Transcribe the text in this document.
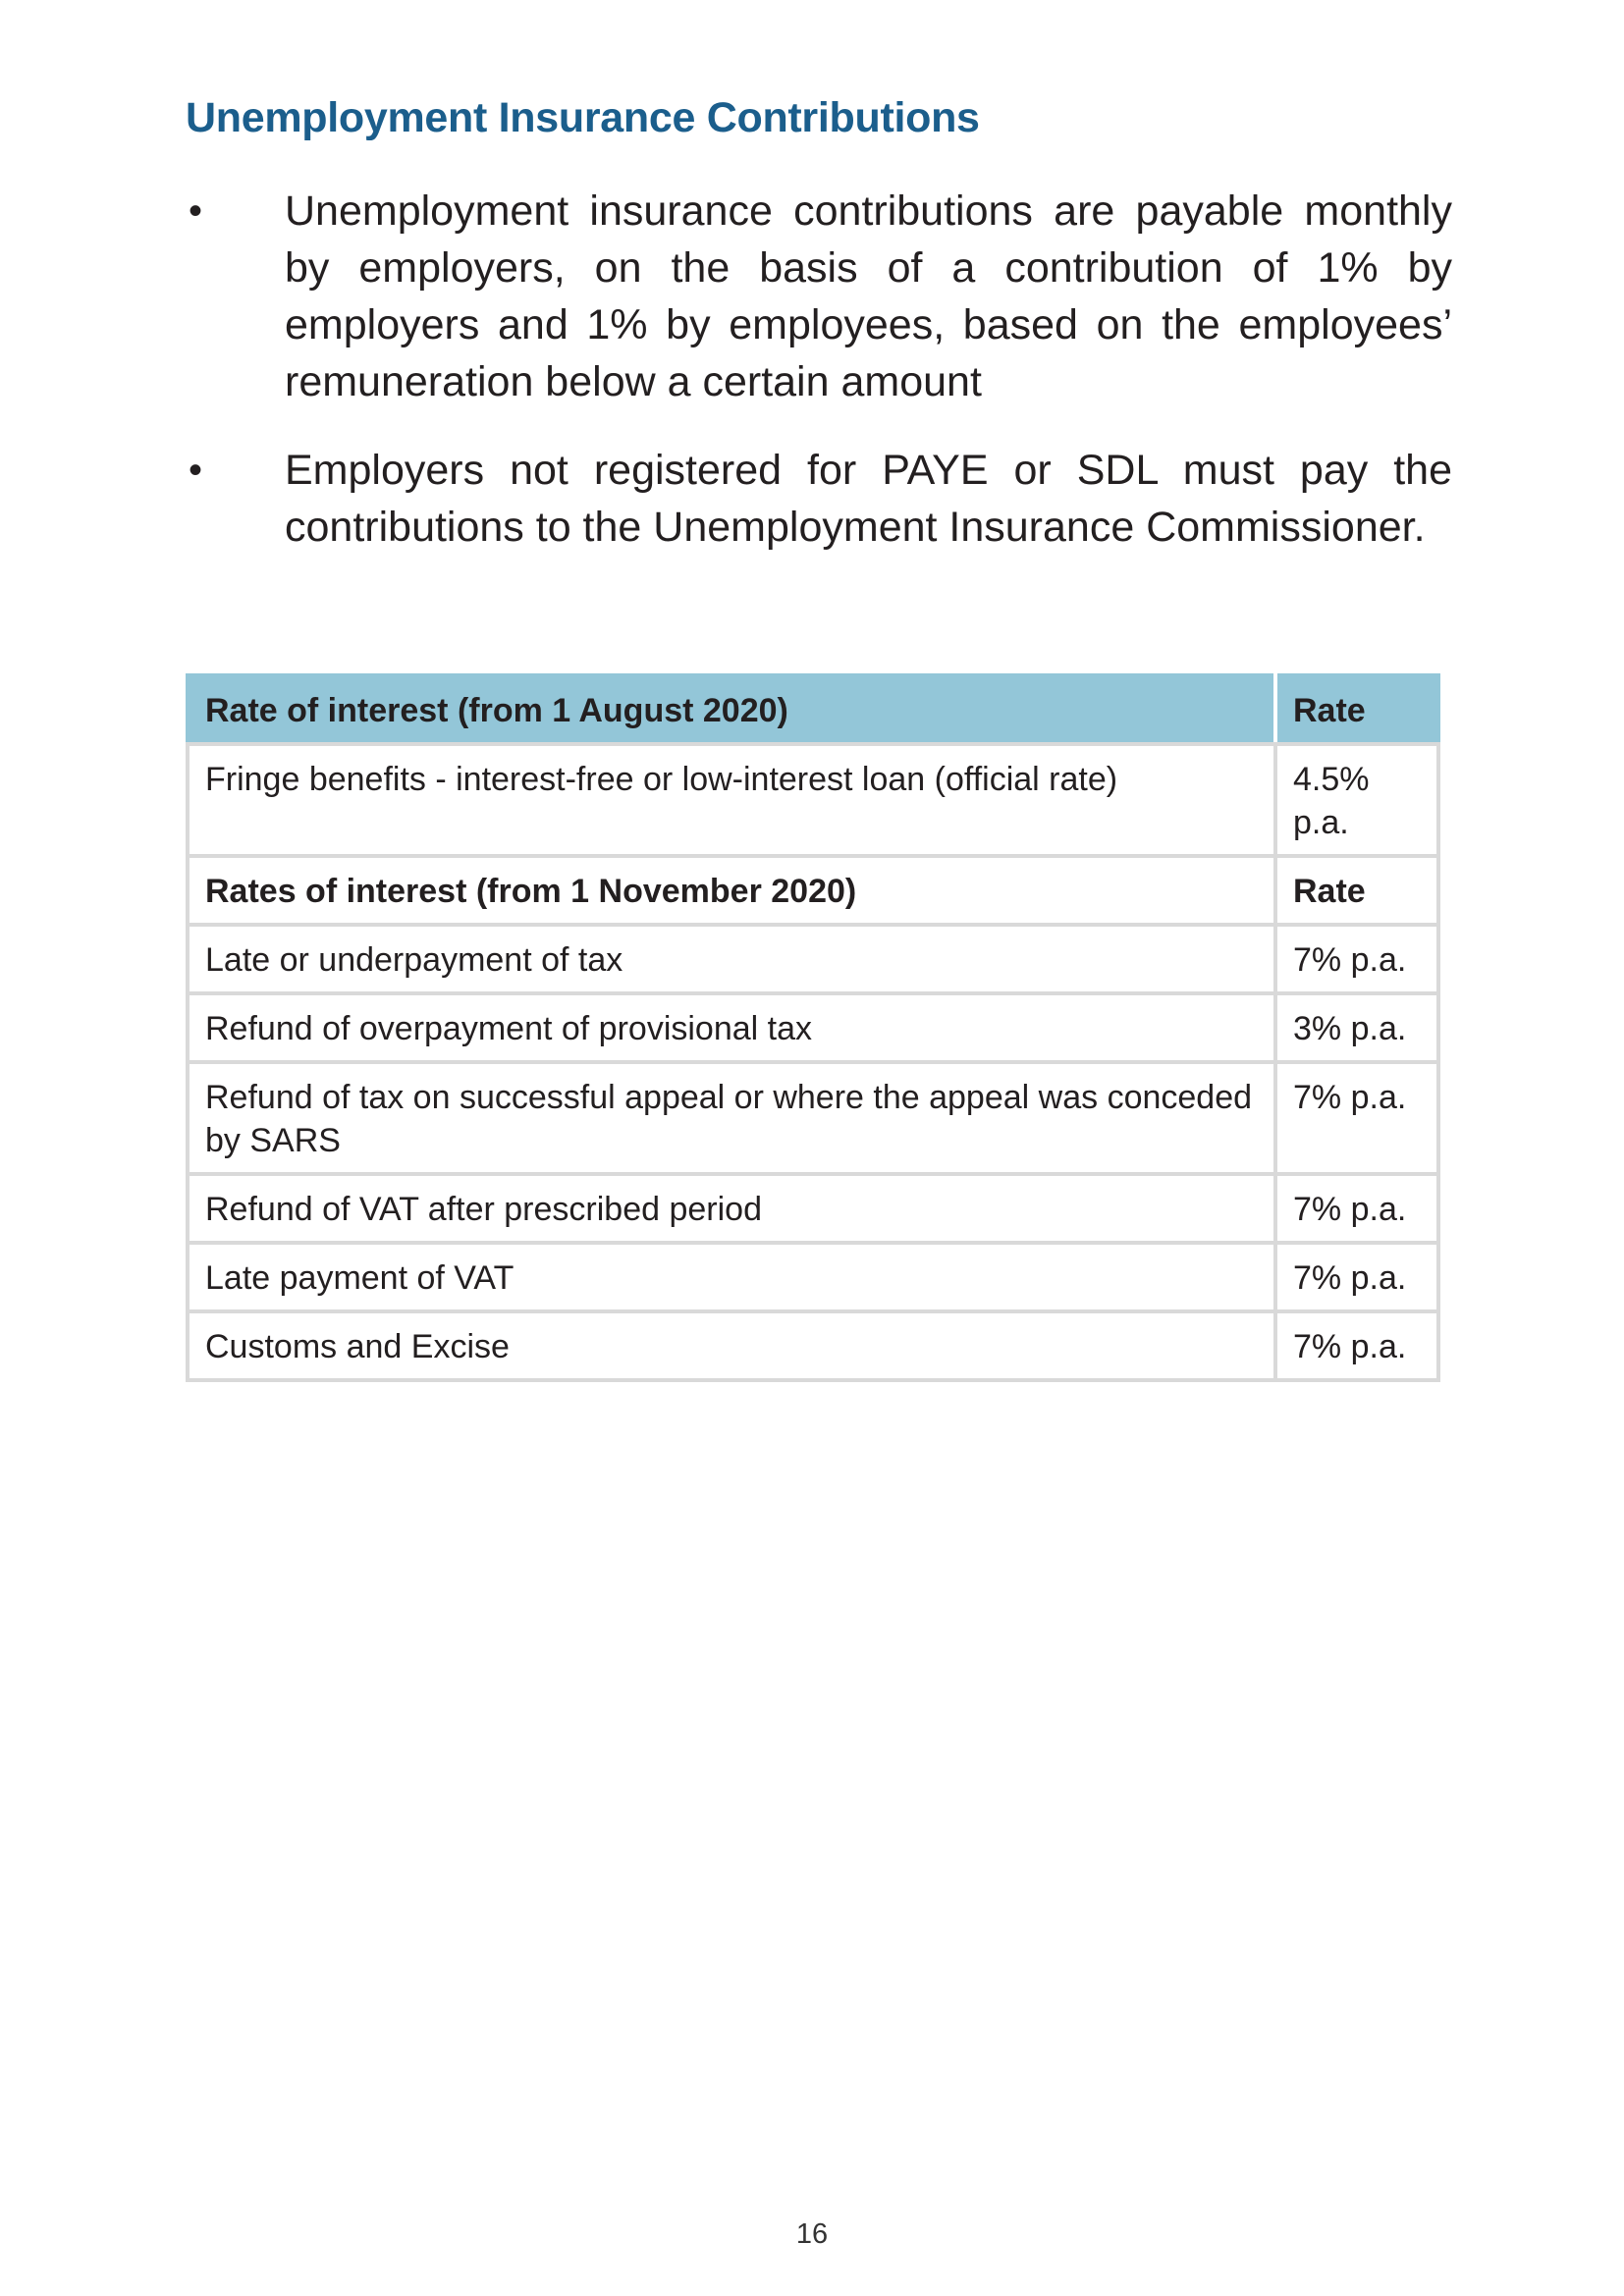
Unemployment Insurance Contributions
• Unemployment insurance contributions are payable monthly by employers, on the basis of a contribution of 1% by employers and 1% by employees, based on the employees’ remuneration below a certain amount
• Employers not registered for PAYE or SDL must pay the contributions to the Unemployment Insurance Commissioner.
Rate of interest (from 1 August 2020)	Rate
Fringe benefits - interest-free or low-interest loan (official rate)	4.5% p.a.
Rates of interest (from 1 November 2020)	Rate
Late or underpayment of tax	7% p.a.
Refund of overpayment of provisional tax	3% p.a.
Refund of tax on successful appeal or where the appeal was conceded by SARS	7% p.a.
Refund of VAT after prescribed period	7% p.a.
Late payment of VAT	7% p.a.
Customs and Excise	7% p.a.
16
